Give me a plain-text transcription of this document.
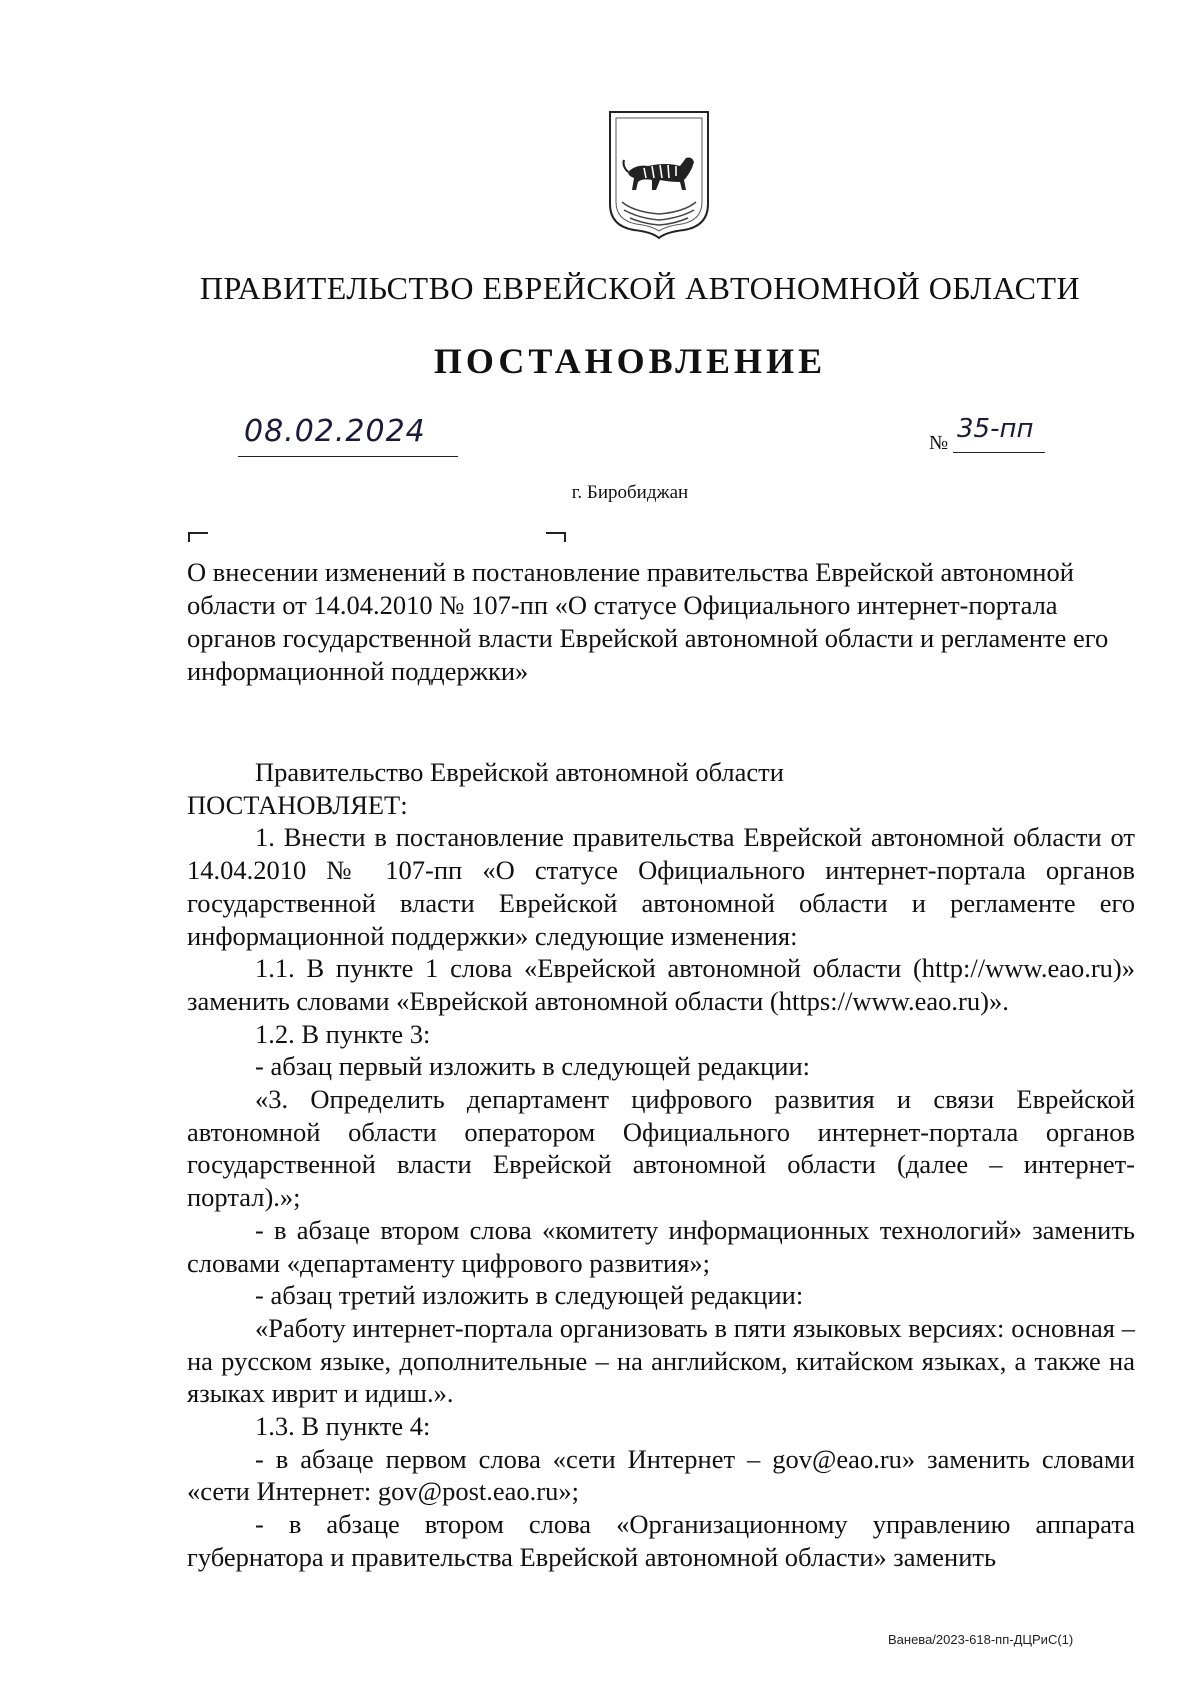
ПРАВИТЕЛЬСТВО ЕВРЕЙСКОЙ АВТОНОМНОЙ ОБЛАСТИ
ПОСТАНОВЛЕНИЕ
08.02.2024	№ 35-пп
г. Биробиджан
О внесении изменений в постановление правительства Еврейской автономной области от 14.04.2010 № 107-пп «О статусе Официального интернет-портала органов государственной власти Еврейской автономной области и регламенте его информационной поддержки»

Правительство Еврейской автономной области

ПОСТАНОВЛЯЕТ:

1. Внести в постановление правительства Еврейской автономной области от 14.04.2010 № 107-пп «О статусе Официального интернет-портала органов государственной власти Еврейской автономной области и регламенте его информационной поддержки» следующие изменения:

1.1. В пункте 1 слова «Еврейской автономной области (http://www.eao.ru)» заменить словами «Еврейской автономной области (https://www.eao.ru)».

1.2. В пункте 3:

- абзац первый изложить в следующей редакции:

«3. Определить департамент цифрового развития и связи Еврейской автономной области оператором Официального интернет-портала органов государственной власти Еврейской автономной области (далее – интернет-портал).»;

- в абзаце втором слова «комитету информационных технологий» заменить словами «департаменту цифрового развития»;

- абзац третий изложить в следующей редакции:

«Работу интернет-портала организовать в пяти языковых версиях: основная – на русском языке, дополнительные – на английском, китайском языках, а также на языках иврит и идиш.».

1.3. В пункте 4:

- в абзаце первом слова «сети Интернет – gov@eao.ru» заменить словами «сети Интернет: gov@post.eao.ru»;

- в абзаце втором слова «Организационному управлению аппарата губернатора и правительства Еврейской автономной области» заменить

Ванева/2023-618-пп-ДЦРиС(1)
